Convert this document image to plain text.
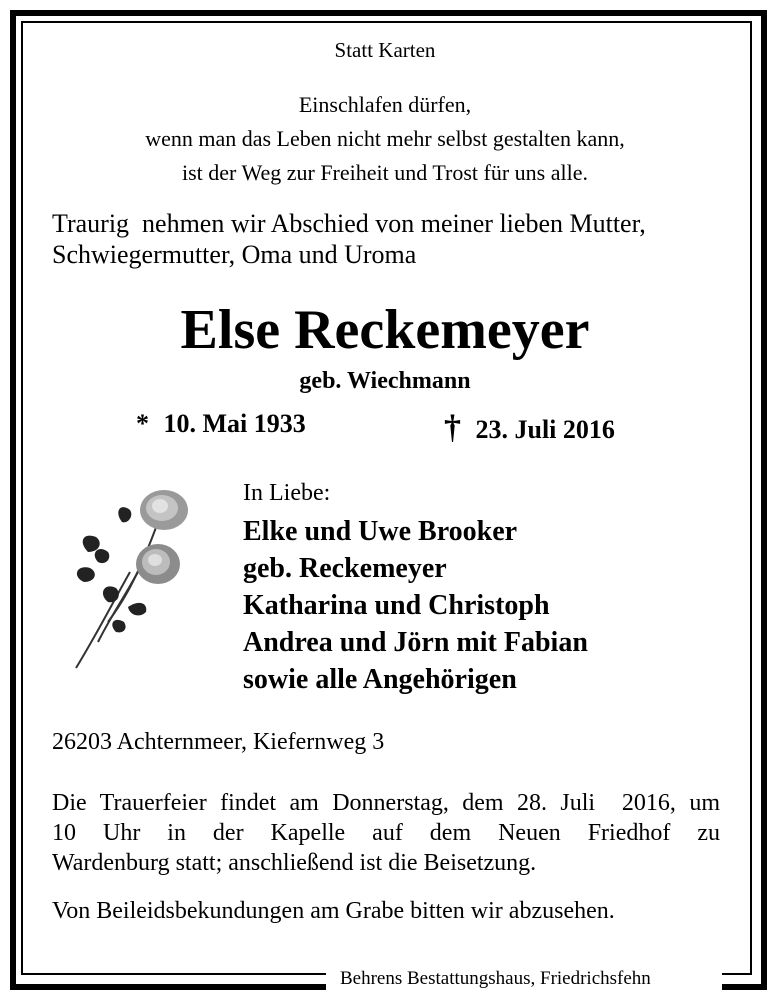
Statt Karten
Einschlafen dürfen,
wenn man das Leben nicht mehr selbst gestalten kann,
ist der Weg zur Freiheit und Trost für uns alle.
Traurig  nehmen wir Abschied von meiner lieben Mutter,
Schwiegermutter, Oma und Uroma
Else Reckemeyer
geb. Wiechmann
* 10. Mai 1933	† 23. Juli 2016
In Liebe:
Elke und Uwe Brooker
geb. Reckemeyer
Katharina und Christoph
Andrea und Jörn mit Fabian
sowie alle Angehörigen
26203 Achternmeer, Kiefernweg 3
Die Trauerfeier findet am Donnerstag, dem 28. Juli  2016, um
10 Uhr in der Kapelle auf dem Neuen Friedhof zu
Wardenburg statt; anschließend ist die Beisetzung.
Von Beileidsbekundungen am Grabe bitten wir abzusehen.
Behrens Bestattungshaus, Friedrichsfehn
